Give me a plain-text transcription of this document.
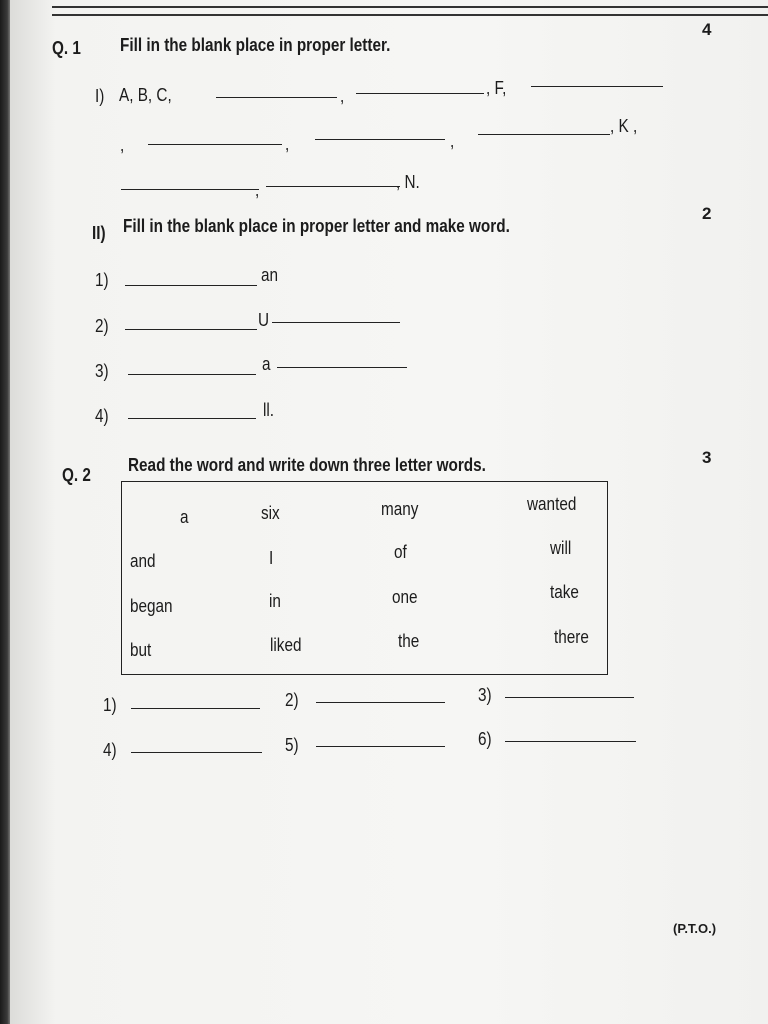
Q. 1 Fill in the blank place in proper letter.
4
I) A, B, C,	,	, F,
,	,	,
, K ,
,	, N.
II) Fill in the blank place in proper letter and make word.
2
1)	an
2)	U
3)	a
4)	ll.
Q. 2 Read the word and write down three letter words.	3
a	six	many	wanted
and	I	of	will
began	in	one	take
but	liked	the	there
1)	2)	3)
4)	5)	6)
(P.T.O.)
